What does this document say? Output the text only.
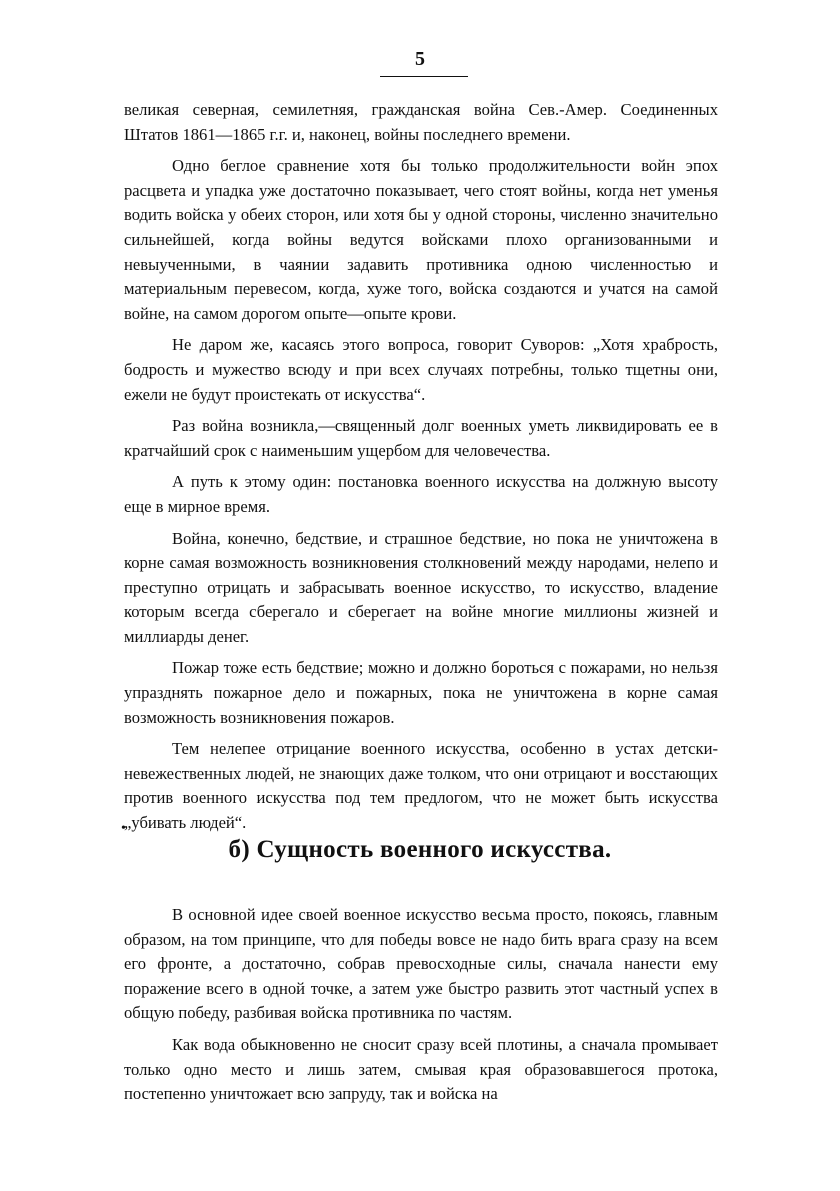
5

великая северная, семилетняя, гражданская война Сев.-Амер. Соединенных Штатов 1861—1865 г.г. и, наконец, войны последнего времени.

Одно беглое сравнение хотя бы только продолжительности войн эпох расцвета и упадка уже достаточно показывает, чего стоят войны, когда нет уменья водить войска у обеих сторон, или хотя бы у одной стороны, численно значительно сильнейшей, когда войны ведутся войсками плохо организованными и невыученными, в чаянии задавить противника одною численностью и материальным перевесом, когда, хуже того, войска создаются и учатся на самой войне, на самом дорогом опыте—опыте крови.

Не даром же, касаясь этого вопроса, говорит Суворов: „Хотя храбрость, бодрость и мужество всюду и при всех случаях потребны, только тщетны они, ежели не будут проистекать от искусства“.

Раз война возникла,—священный долг военных уметь ликвидировать ее в кратчайший срок с наименьшим ущербом для человечества.

А путь к этому один: постановка военного искусства на должную высоту еще в мирное время.

Война, конечно, бедствие, и страшное бедствие, но пока не уничтожена в корне самая возможность возникновения столкновений между народами, нелепо и преступно отрицать и забрасывать военное искусство, то искусство, владение которым всегда сберегало и сберегает на войне многие миллионы жизней и миллиарды денег.

Пожар тоже есть бедствие; можно и должно бороться с пожарами, но нельзя упразднять пожарное дело и пожарных, пока не уничтожена в корне самая возможность возникновения пожаров.

Тем нелепее отрицание военного искусства, особенно в устах детски-невежественных людей, не знающих даже толком, что они отрицают и восстающих против военного искусства под тем предлогом, что не может быть искусства „убивать людей“.

•
б) Сущность военного искусства.

В основной идее своей военное искусство весьма просто, покоясь, главным образом, на том принципе, что для победы вовсе не надо бить врага сразу на всем его фронте, а достаточно, собрав превосходные силы, сначала нанести ему поражение всего в одной точке, а затем уже быстро развить этот частный успех в общую победу, разбивая войска противника по частям.

Как вода обыкновенно не сносит сразу всей плотины, а сначала промывает только одно место и лишь затем, смывая края образовавшегося протока, постепенно уничтожает всю запруду, так и войска на
